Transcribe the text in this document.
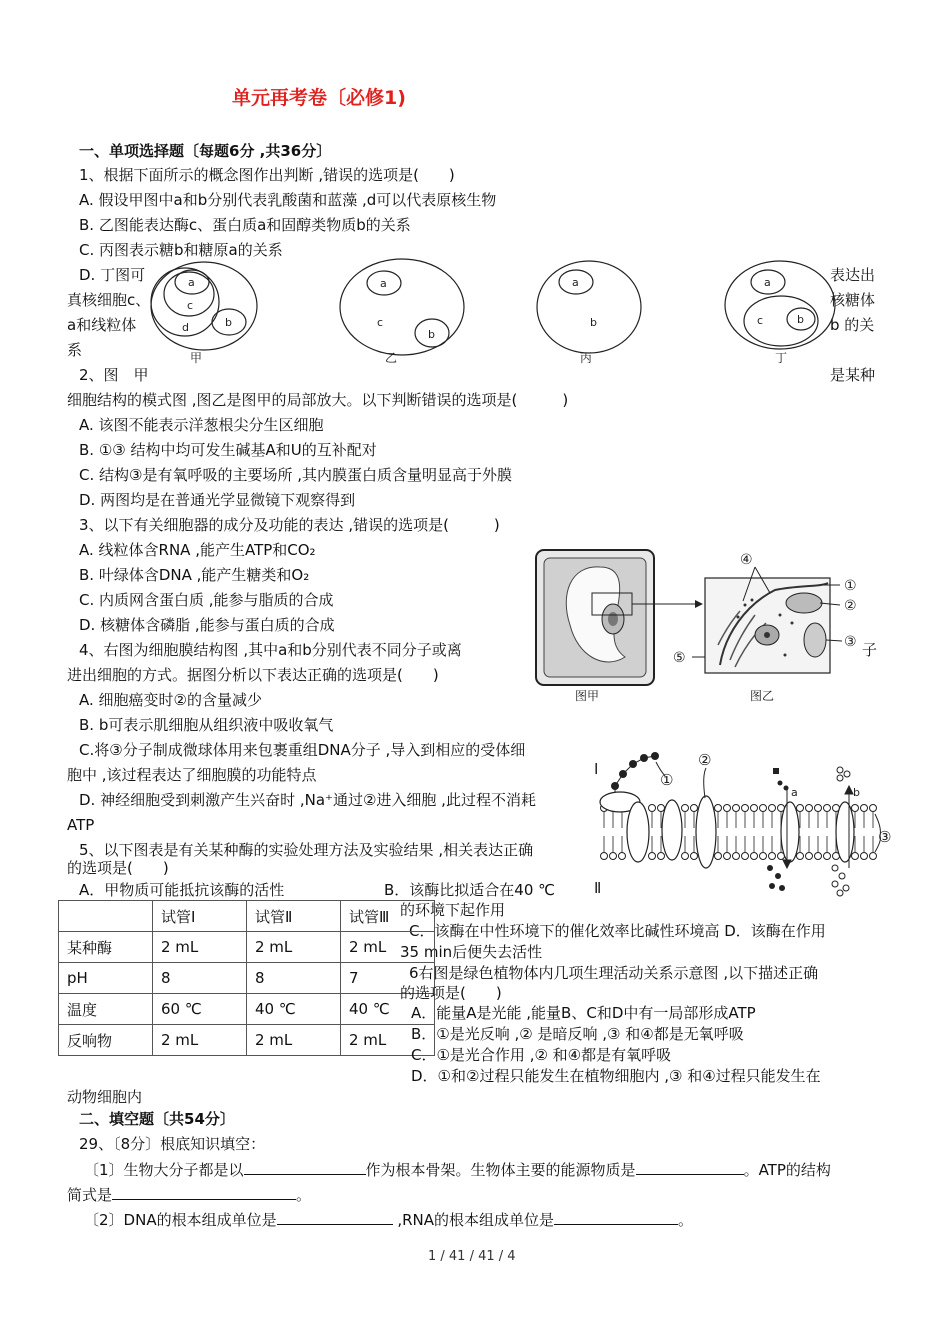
单元再考卷〔必修1)
一、单项选择题〔每题6分 ,共36分〕
1、根据下面所示的概念图作出判断 ,错误的选项是(　　)
A. 假设甲图中a和b分别代表乳酸菌和蓝藻 ,d可以代表原核生物
B. 乙图能表达酶c、蛋白质a和固醇类物质b的关系
C. 丙图表示糖b和糖原a的关系
D. 丁图可	表达出
真核细胞c、	核糖体
a和线粒体	b 的关
系
a
c
d	b
a
c
b
a
b
a
c	b
甲	乙	丙	丁
2、图　甲	是某种
细胞结构的模式图 ,图乙是图甲的局部放大。以下判断错误的选项是(　　　)
A. 该图不能表示洋葱根尖分生区细胞
B. ①③ 结构中均可发生碱基A和U的互补配对
C. 结构③是有氧呼吸的主要场所 ,其内膜蛋白质含量明显高于外膜
D. 两图均是在普通光学显微镜下观察得到
3、以下有关细胞器的成分及功能的表达 ,错误的选项是(　　　)
A. 线粒体含RNA ,能产生ATP和CO₂
B. 叶绿体含DNA ,能产生糖类和O₂
C. 内质网含蛋白质 ,能参与脂质的合成
D. 核糖体含磷脂 ,能参与蛋白质的合成
图甲
④
①
②
③
⑤
图乙
4、右图为细胞膜结构图 ,其中a和b分别代表不同分子或离	子
进出细胞的方式。据图分析以下表达正确的选项是(　　)
A. 细胞癌变时②的含量减少
B. b可表示肌细胞从组织液中吸收氧气
C.将③分子制成微球体用来包裹重组DNA分子 ,导入到相应的受体细
胞中 ,该过程表达了细胞膜的功能特点
D. 神经细胞受到刺激产生兴奋时 ,Na⁺通过②进入细胞 ,此过程不消耗
ATP
a	b
Ⅰ
Ⅱ
①
②
③
5、以下图表是有关某种酶的实验处理方法及实验结果 ,相关表达正确
的选项是(　　)
A．甲物质可能抵抗该酶的活性	B．该酶比拟适合在40 ℃
的环境下起作用
C．该酶在中性环境下的催化效率比碱性环境高 D．该酶在作用
35 min后便失去活性
	试管Ⅰ	试管Ⅱ	试管Ⅲ
某种酶	2 mL	2 mL	2 mL
pH	8	8	7
温度	60 ℃	40 ℃	40 ℃
反响物	2 mL	2 mL	2 mL
6右图是绿色植物体内几项生理活动关系示意图 ,以下描述正确
的选项是(　　)
A．能量A是光能 ,能量B、C和D中有一局部形成ATP
B．①是光反响 ,② 是暗反响 ,③ 和④都是无氧呼吸
C．①是光合作用 ,② 和④都是有氧呼吸
D．①和②过程只能发生在植物细胞内 ,③ 和④过程只能发生在
动物细胞内
二、填空题〔共54分〕
29、〔8分〕根底知识填空：
〔1〕生物大分子都是以	作为根本骨架。生物体主要的能源物质是	。ATP的结构
简式是	。
〔2〕DNA的根本组成单位是	,RNA的根本组成单位是	。
1 / 41 / 41 / 4
